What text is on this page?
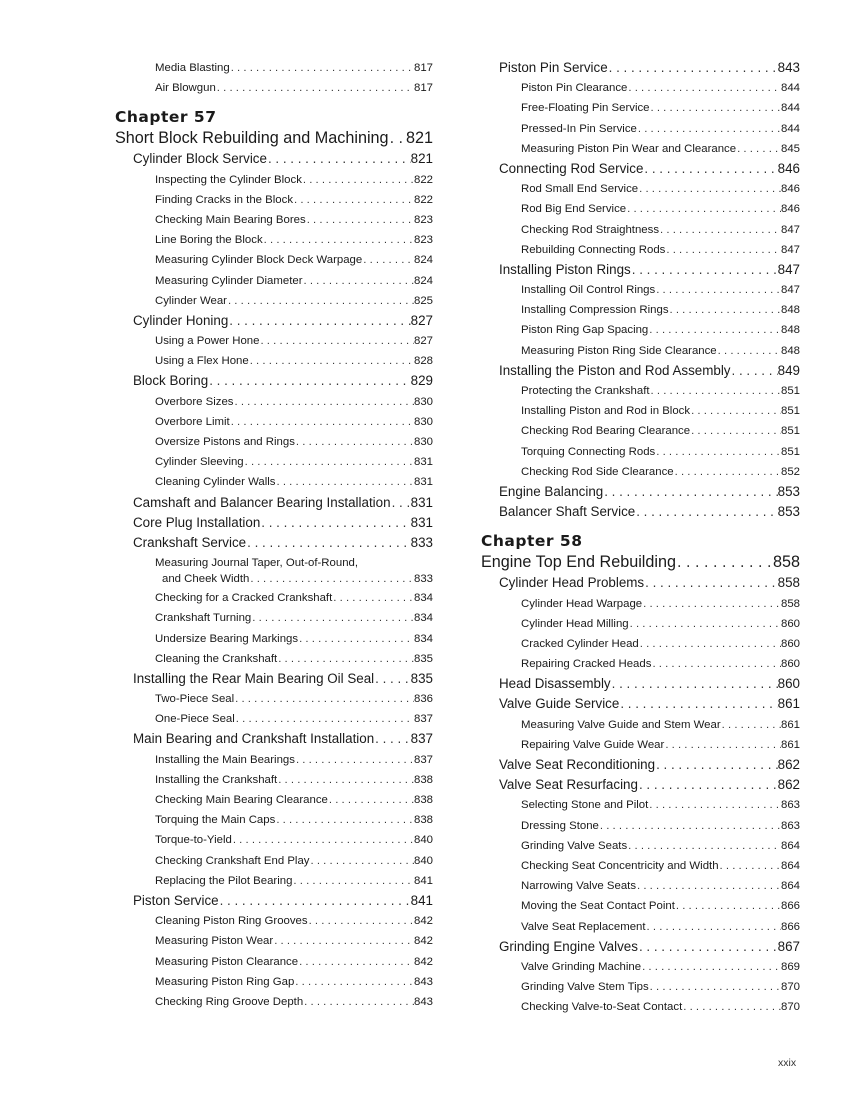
Media Blasting . . .	817
Air Blowgun . . .	817
Chapter 57
Short Block Rebuilding and Machining . . . 821
Cylinder Block Service . . .	821
Inspecting the Cylinder Block . . .	822
Finding Cracks in the Block . . .	822
Checking Main Bearing Bores . . .	823
Line Boring the Block . . .	823
Measuring Cylinder Block Deck Warpage . . .	824
Measuring Cylinder Diameter . . .	824
Cylinder Wear . . .	825
Cylinder Honing . . .	827
Using a Power Hone . . .	827
Using a Flex Hone . . .	828
Block Boring . . .	829
Overbore Sizes . . .	830
Overbore Limit . . .	830
Oversize Pistons and Rings . . .	830
Cylinder Sleeving . . .	831
Cleaning Cylinder Walls . . .	831
Camshaft and Balancer Bearing Installation . . . 831
Core Plug Installation . . .	831
Crankshaft Service . . .	833
Measuring Journal Taper, Out-of-Round,
and Cheek Width . . .	833
Checking for a Cracked Crankshaft . . .	834
Crankshaft Turning . . .	834
Undersize Bearing Markings . . .	834
Cleaning the Crankshaft . . .	835
Installing the Rear Main Bearing Oil Seal . . .	835
Two-Piece Seal . . .	836
One-Piece Seal . . .	837
Main Bearing and Crankshaft Installation . . .	837
Installing the Main Bearings . . .	837
Installing the Crankshaft . . .	838
Checking Main Bearing Clearance . . .	838
Torquing the Main Caps . . .	838
Torque-to-Yield . . .	840
Checking Crankshaft End Play . . .	840
Replacing the Pilot Bearing . . .	841
Piston Service . . .	841
Cleaning Piston Ring Grooves . . .	842
Measuring Piston Wear . . .	842
Measuring Piston Clearance . . .	842
Measuring Piston Ring Gap . . .	843
Checking Ring Groove Depth . . .	843
Piston Pin Service . . .	843
Piston Pin Clearance . . .	844
Free-Floating Pin Service . . .	844
Pressed-In Pin Service . . .	844
Measuring Piston Pin Wear and Clearance . . .	845
Connecting Rod Service . . .	846
Rod Small End Service . . .	846
Rod Big End Service . . .	846
Checking Rod Straightness . . .	847
Rebuilding Connecting Rods . . .	847
Installing Piston Rings . . .	847
Installing Oil Control Rings . . .	847
Installing Compression Rings . . .	848
Piston Ring Gap Spacing . . .	848
Measuring Piston Ring Side Clearance . . .	848
Installing the Piston and Rod Assembly . . .	849
Protecting the Crankshaft . . .	851
Installing Piston and Rod in Block . . .	851
Checking Rod Bearing Clearance . . .	851
Torquing Connecting Rods . . .	851
Checking Rod Side Clearance . . .	852
Engine Balancing . . .	853
Balancer Shaft Service . . .	853
Chapter 58
Engine Top End Rebuilding . . .	858
Cylinder Head Problems . . .	858
Cylinder Head Warpage . . .	858
Cylinder Head Milling . . .	860
Cracked Cylinder Head . . .	860
Repairing Cracked Heads . . .	860
Head Disassembly . . .	860
Valve Guide Service . . .	861
Measuring Valve Guide and Stem Wear . . .	861
Repairing Valve Guide Wear . . .	861
Valve Seat Reconditioning . . .	862
Valve Seat Resurfacing . . .	862
Selecting Stone and Pilot . . .	863
Dressing Stone . . .	863
Grinding Valve Seats . . .	864
Checking Seat Concentricity and Width . . .	864
Narrowing Valve Seats . . .	864
Moving the Seat Contact Point . . .	866
Valve Seat Replacement . . .	866
Grinding Engine Valves . . .	867
Valve Grinding Machine . . .	869
Grinding Valve Stem Tips . . .	870
Checking Valve-to-Seat Contact . . .	870
xxix
